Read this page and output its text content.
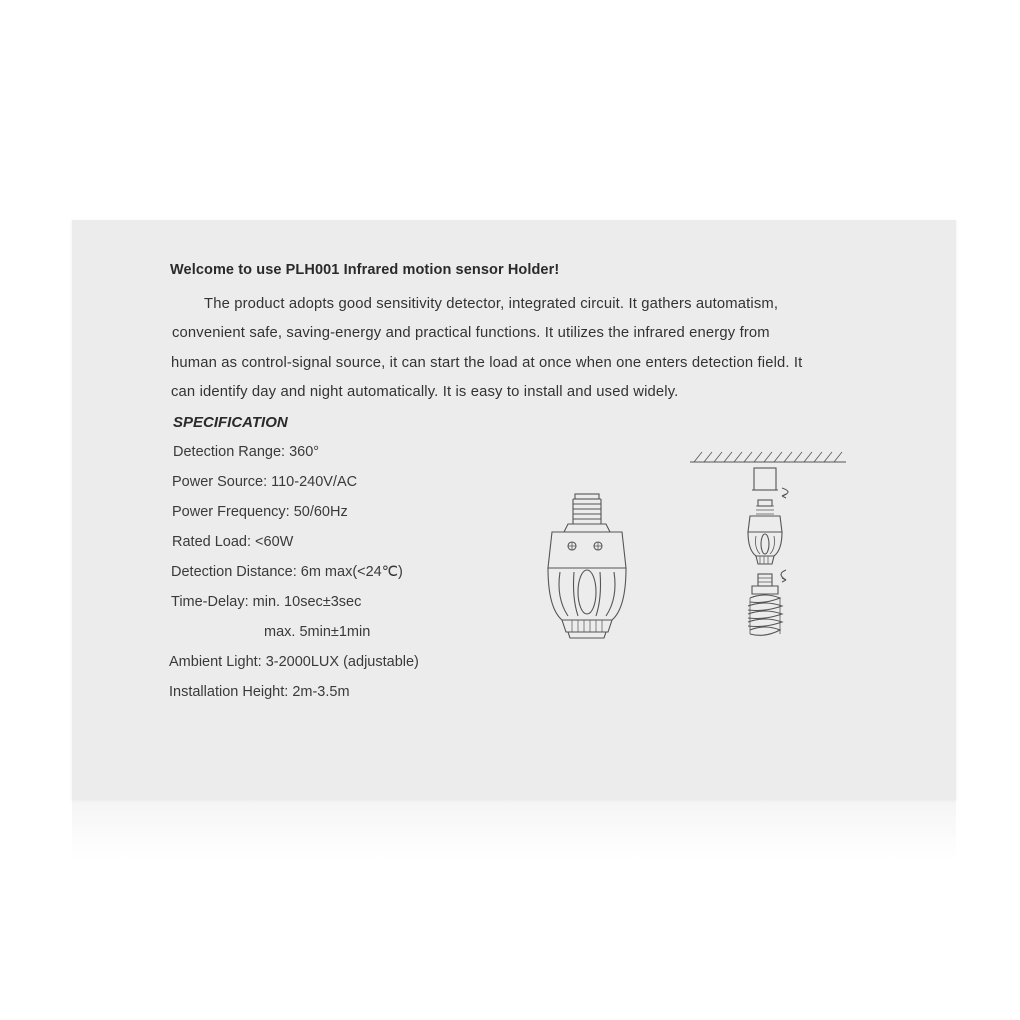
Welcome to use PLH001 Infrared motion sensor Holder!
The product adopts good sensitivity detector, integrated circuit. It gathers automatism,
convenient safe, saving-energy and practical functions. It utilizes the infrared energy from
human as control-signal source, it can start the load at once when one enters detection field. It
can identify day and night automatically. It is easy to install and used widely.
SPECIFICATION
Detection Range: 360°
Power Source: 110-240V/AC
Power Frequency: 50/60Hz
Rated Load: <60W
Detection Distance: 6m max(<24℃)
Time-Delay: min. 10sec±3sec
max. 5min±1min
Ambient Light: 3-2000LUX (adjustable)
Installation Height: 2m-3.5m
